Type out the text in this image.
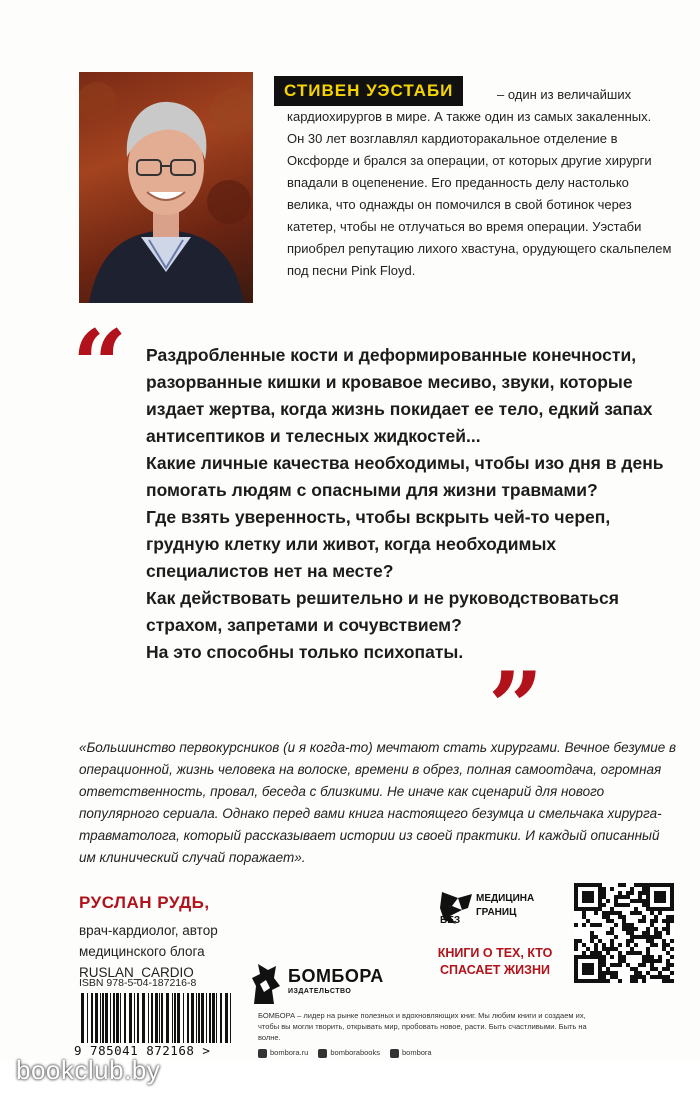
– один из величайших кардиохирургов в мире. А также один из самых закаленных. Он 30 лет возглавлял кардиоторакальное отделение в Оксфорде и брался за операции, от которых другие хирурги впадали в оцепенение. Его преданность делу настолько велика, что однажды он помочился в свой ботинок через катетер, чтобы не отлучаться во время операции. Уэстаби приобрел репутацию лихого хвастуна, орудующего скальпелем под песни Pink Floyd.
СТИВЕН УЭСТАБИ
“ Раздробленные кости и деформированные конечности, разорванные кишки и кровавое месиво, звуки, которые издает жертва, когда жизнь покидает ее тело, едкий запах антисептиков и телесных жидкостей...

Какие личные качества необходимы, чтобы изо дня в день помогать людям с опасными для жизни травмами?

Где взять уверенность, чтобы вскрыть чей-то череп, грудную клетку или живот, когда необходимых специалистов нет на месте?

Как действовать решительно и не руководствоваться страхом, запретами и сочувствием?

На это способны только психопаты. ”
«Большинство первокурсников (и я когда-то) мечтают стать хирургами. Вечное безумие в операционной, жизнь человека на волоске, времени в обрез, полная самоотдача, огромная ответственность, провал, беседа с близкими. Не иначе как сценарий для нового популярного сериала. Однако перед вами книга настоящего безумца и смельчака хирурга-травматолога, который рассказывает истории из своей практики. И каждый описанный им клинический случай поражает».
РУСЛАН РУДЬ,
врач-кардиолог, автор медицинского блога RUSLAN_CARDIO
ISBN 978-5-04-187216-8
9 785041 872168 >
МЕДИЦИНА
ГРАНИЦ
БЕЗ
КНИГИ О ТЕХ, КТО СПАСАЕТ ЖИЗНИ
БОМБОРА
ИЗДАТЕЛЬСТВО
БОМБОРА – лидер на рынке полезных и вдохновляющих книг. Мы любим книги и создаем их, чтобы вы могли творить, открывать мир, пробовать новое, расти. Быть счастливыми. Быть на волне.
bombora.ru	bomborabooks	bombora
bookclub.by
